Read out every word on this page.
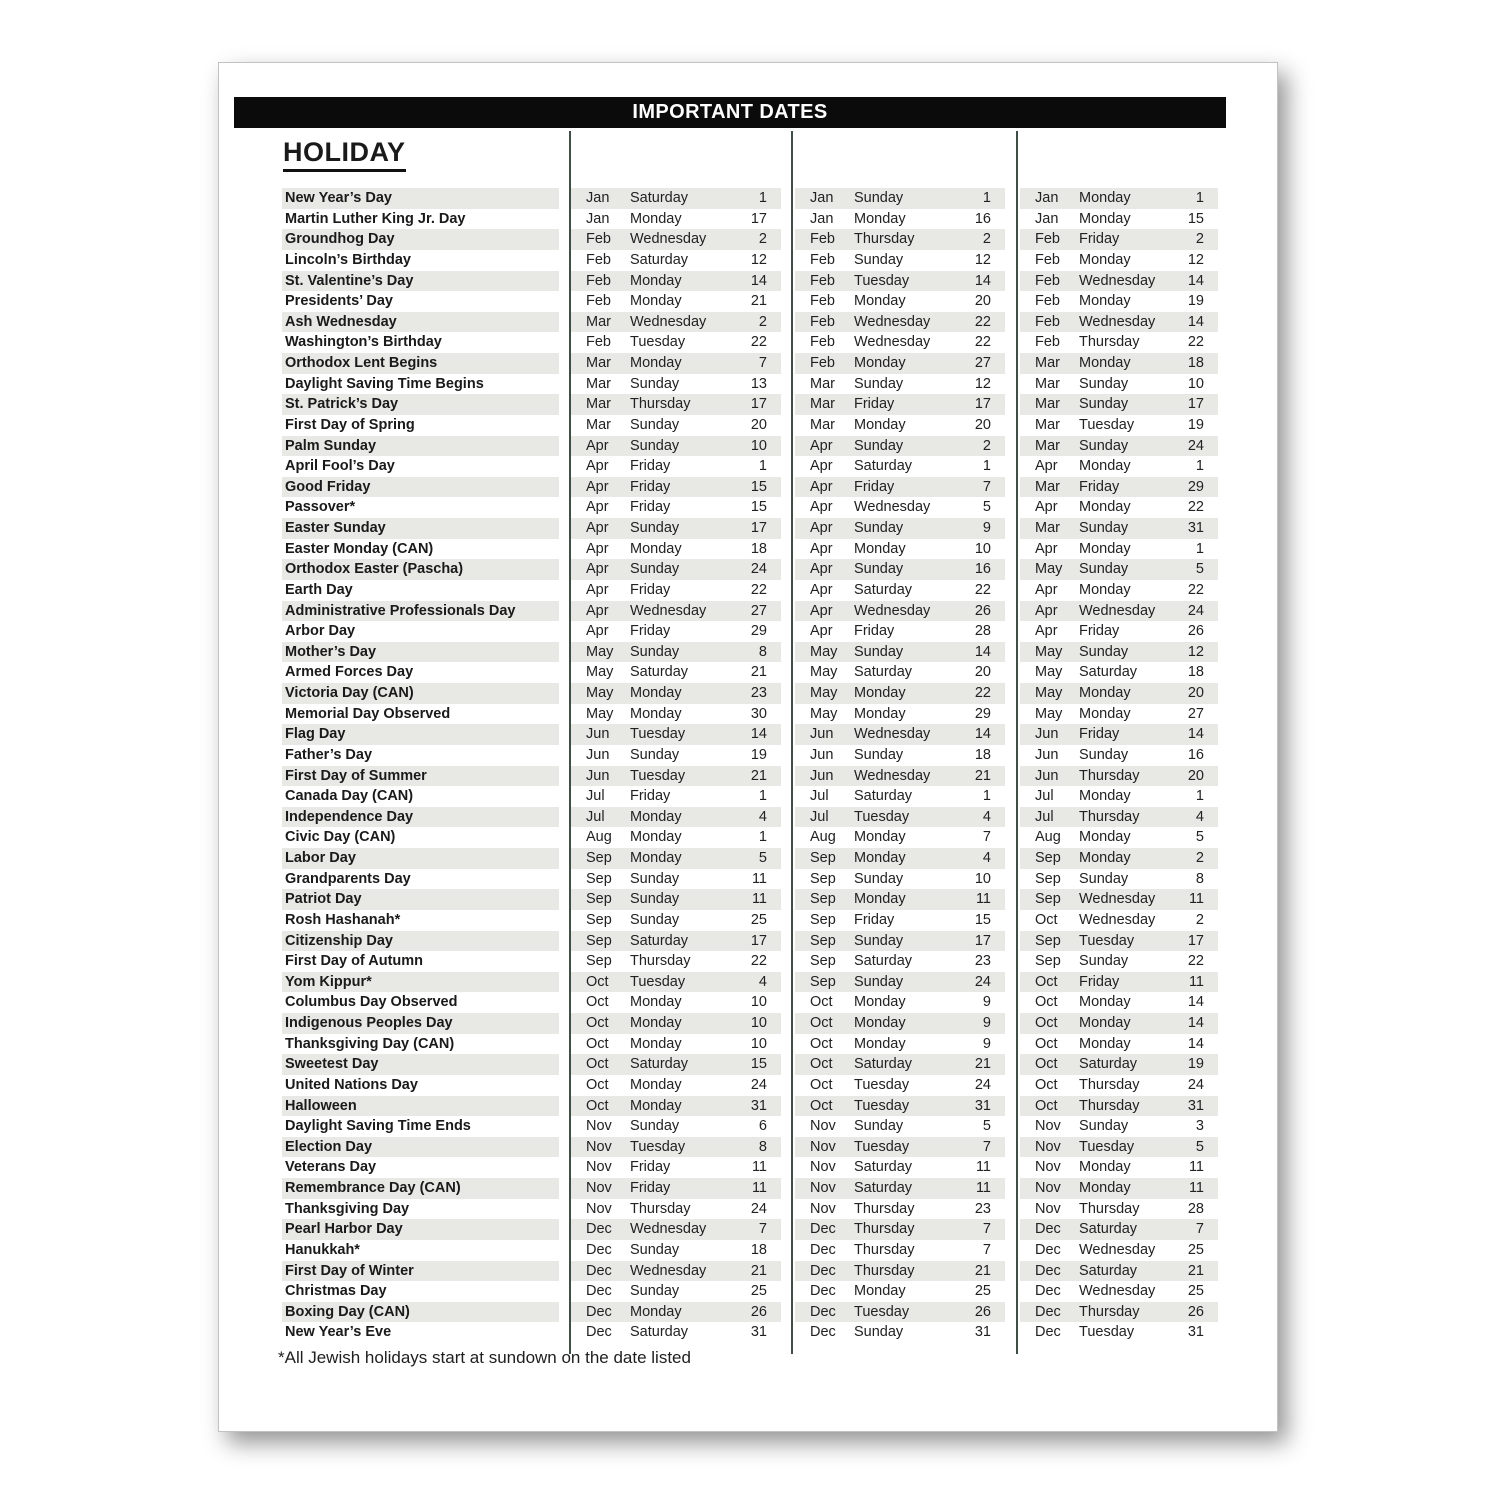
IMPORTANT DATES
HOLIDAY
New Year’s Day	Jan	Saturday	1	Jan	Sunday	1	Jan	Monday	1
Martin Luther King Jr. Day	Jan	Monday	17	Jan	Monday	16	Jan	Monday	15
Groundhog Day	Feb	Wednesday	2	Feb	Thursday	2	Feb	Friday	2
Lincoln’s Birthday	Feb	Saturday	12	Feb	Sunday	12	Feb	Monday	12
St. Valentine’s Day	Feb	Monday	14	Feb	Tuesday	14	Feb	Wednesday	14
Presidents’ Day	Feb	Monday	21	Feb	Monday	20	Feb	Monday	19
Ash Wednesday	Mar	Wednesday	2	Feb	Wednesday	22	Feb	Wednesday	14
Washington’s Birthday	Feb	Tuesday	22	Feb	Wednesday	22	Feb	Thursday	22
Orthodox Lent Begins	Mar	Monday	7	Feb	Monday	27	Mar	Monday	18
Daylight Saving Time Begins	Mar	Sunday	13	Mar	Sunday	12	Mar	Sunday	10
St. Patrick’s Day	Mar	Thursday	17	Mar	Friday	17	Mar	Sunday	17
First Day of Spring	Mar	Sunday	20	Mar	Monday	20	Mar	Tuesday	19
Palm Sunday	Apr	Sunday	10	Apr	Sunday	2	Mar	Sunday	24
April Fool’s Day	Apr	Friday	1	Apr	Saturday	1	Apr	Monday	1
Good Friday	Apr	Friday	15	Apr	Friday	7	Mar	Friday	29
Passover*	Apr	Friday	15	Apr	Wednesday	5	Apr	Monday	22
Easter Sunday	Apr	Sunday	17	Apr	Sunday	9	Mar	Sunday	31
Easter Monday (CAN)	Apr	Monday	18	Apr	Monday	10	Apr	Monday	1
Orthodox Easter (Pascha)	Apr	Sunday	24	Apr	Sunday	16	May	Sunday	5
Earth Day	Apr	Friday	22	Apr	Saturday	22	Apr	Monday	22
Administrative Professionals Day	Apr	Wednesday	27	Apr	Wednesday	26	Apr	Wednesday	24
Arbor Day	Apr	Friday	29	Apr	Friday	28	Apr	Friday	26
Mother’s Day	May	Sunday	8	May	Sunday	14	May	Sunday	12
Armed Forces Day	May	Saturday	21	May	Saturday	20	May	Saturday	18
Victoria Day (CAN)	May	Monday	23	May	Monday	22	May	Monday	20
Memorial Day Observed	May	Monday	30	May	Monday	29	May	Monday	27
Flag Day	Jun	Tuesday	14	Jun	Wednesday	14	Jun	Friday	14
Father’s Day	Jun	Sunday	19	Jun	Sunday	18	Jun	Sunday	16
First Day of Summer	Jun	Tuesday	21	Jun	Wednesday	21	Jun	Thursday	20
Canada Day (CAN)	Jul	Friday	1	Jul	Saturday	1	Jul	Monday	1
Independence Day	Jul	Monday	4	Jul	Tuesday	4	Jul	Thursday	4
Civic Day (CAN)	Aug	Monday	1	Aug	Monday	7	Aug	Monday	5
Labor Day	Sep	Monday	5	Sep	Monday	4	Sep	Monday	2
Grandparents Day	Sep	Sunday	11	Sep	Sunday	10	Sep	Sunday	8
Patriot Day	Sep	Sunday	11	Sep	Monday	11	Sep	Wednesday	11
Rosh Hashanah*	Sep	Sunday	25	Sep	Friday	15	Oct	Wednesday	2
Citizenship Day	Sep	Saturday	17	Sep	Sunday	17	Sep	Tuesday	17
First Day of Autumn	Sep	Thursday	22	Sep	Saturday	23	Sep	Sunday	22
Yom Kippur*	Oct	Tuesday	4	Sep	Sunday	24	Oct	Friday	11
Columbus Day Observed	Oct	Monday	10	Oct	Monday	9	Oct	Monday	14
Indigenous Peoples Day	Oct	Monday	10	Oct	Monday	9	Oct	Monday	14
Thanksgiving Day (CAN)	Oct	Monday	10	Oct	Monday	9	Oct	Monday	14
Sweetest Day	Oct	Saturday	15	Oct	Saturday	21	Oct	Saturday	19
United Nations Day	Oct	Monday	24	Oct	Tuesday	24	Oct	Thursday	24
Halloween	Oct	Monday	31	Oct	Tuesday	31	Oct	Thursday	31
Daylight Saving Time Ends	Nov	Sunday	6	Nov	Sunday	5	Nov	Sunday	3
Election Day	Nov	Tuesday	8	Nov	Tuesday	7	Nov	Tuesday	5
Veterans Day	Nov	Friday	11	Nov	Saturday	11	Nov	Monday	11
Remembrance Day (CAN)	Nov	Friday	11	Nov	Saturday	11	Nov	Monday	11
Thanksgiving Day	Nov	Thursday	24	Nov	Thursday	23	Nov	Thursday	28
Pearl Harbor Day	Dec	Wednesday	7	Dec	Thursday	7	Dec	Saturday	7
Hanukkah*	Dec	Sunday	18	Dec	Thursday	7	Dec	Wednesday	25
First Day of Winter	Dec	Wednesday	21	Dec	Thursday	21	Dec	Saturday	21
Christmas Day	Dec	Sunday	25	Dec	Monday	25	Dec	Wednesday	25
Boxing Day (CAN)	Dec	Monday	26	Dec	Tuesday	26	Dec	Thursday	26
New Year’s Eve	Dec	Saturday	31	Dec	Sunday	31	Dec	Tuesday	31
*All Jewish holidays start at sundown on the date listed
